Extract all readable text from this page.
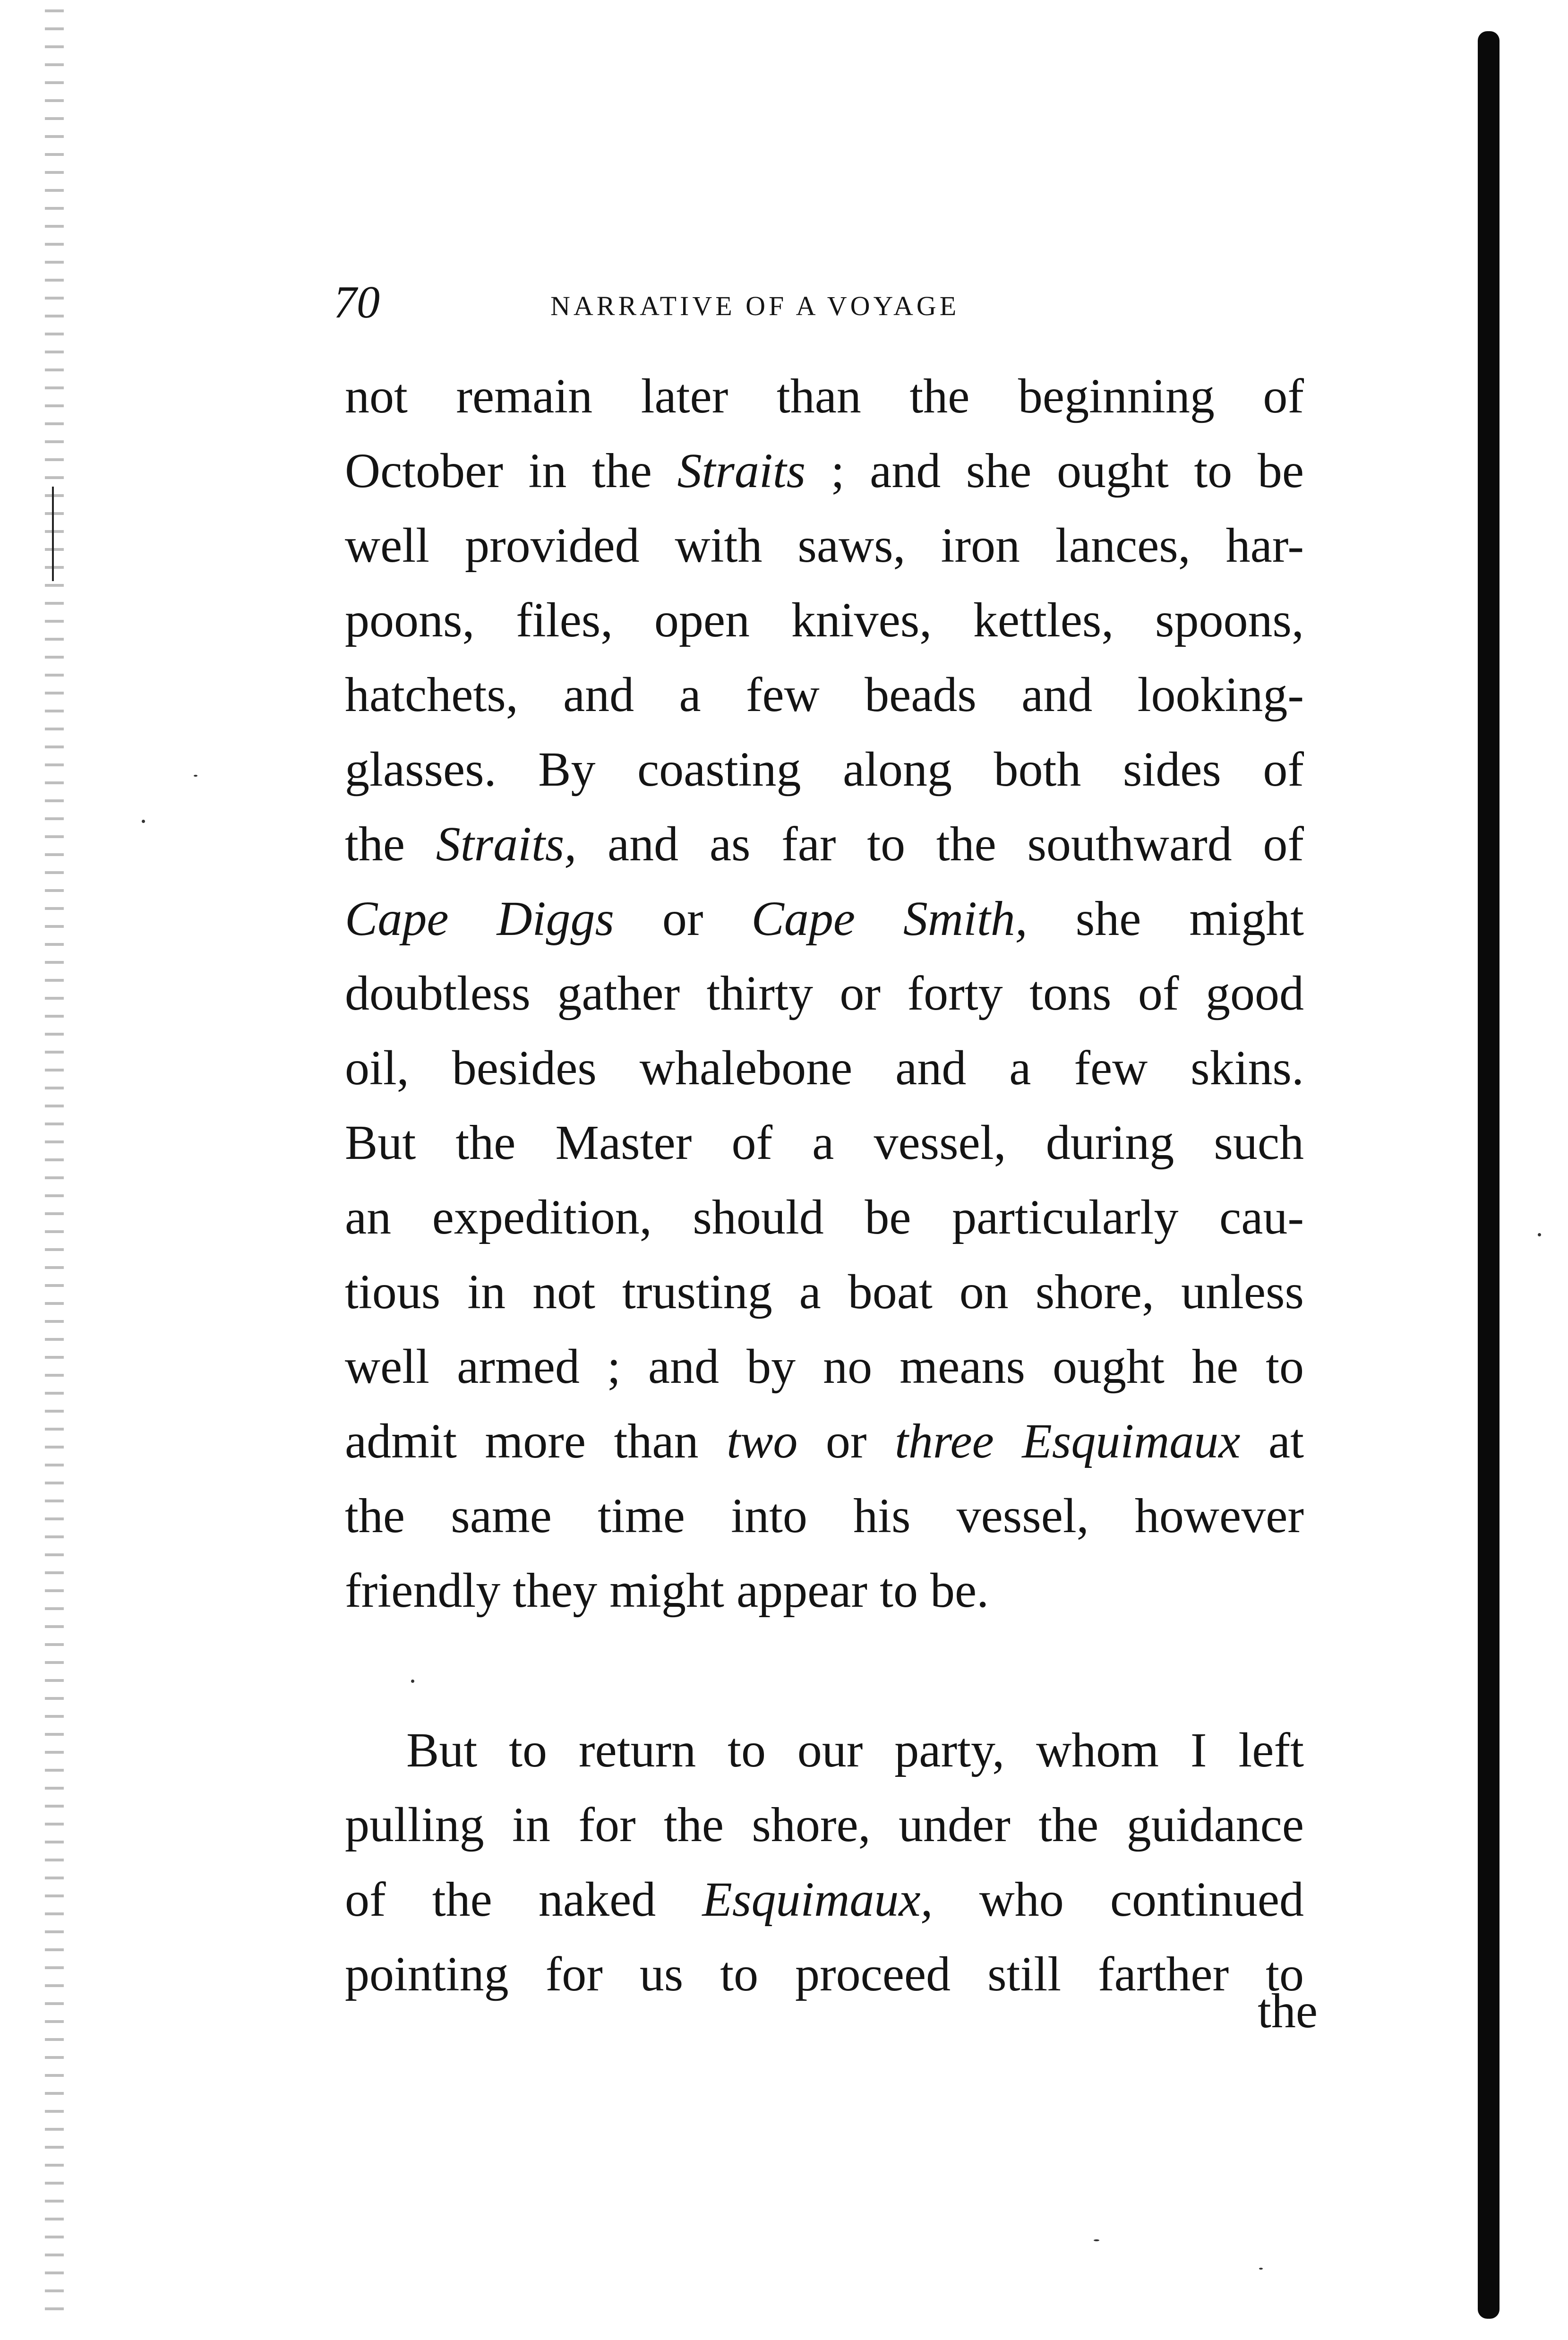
70	NARRATIVE OF A VOYAGE
not remain later than the beginning of
October in the Straits ; and she ought to be
well provided with saws, iron lances, har-
poons, files, open knives, kettles, spoons,
hatchets, and a few beads and looking-
glasses. By coasting along both sides of
the Straits, and as far to the southward of
Cape Diggs or Cape Smith, she might
doubtless gather thirty or forty tons of good
oil, besides whalebone and a few skins.
But the Master of a vessel, during such
an expedition, should be particularly cau-
tious in not trusting a boat on shore, unless
well armed ; and by no means ought he to
admit more than two or three Esquimaux at
the same time into his vessel, however
friendly they might appear to be.
But to return to our party, whom I left
pulling in for the shore, under the guidance
of the naked Esquimaux, who continued
pointing for us to proceed still farther to
the
